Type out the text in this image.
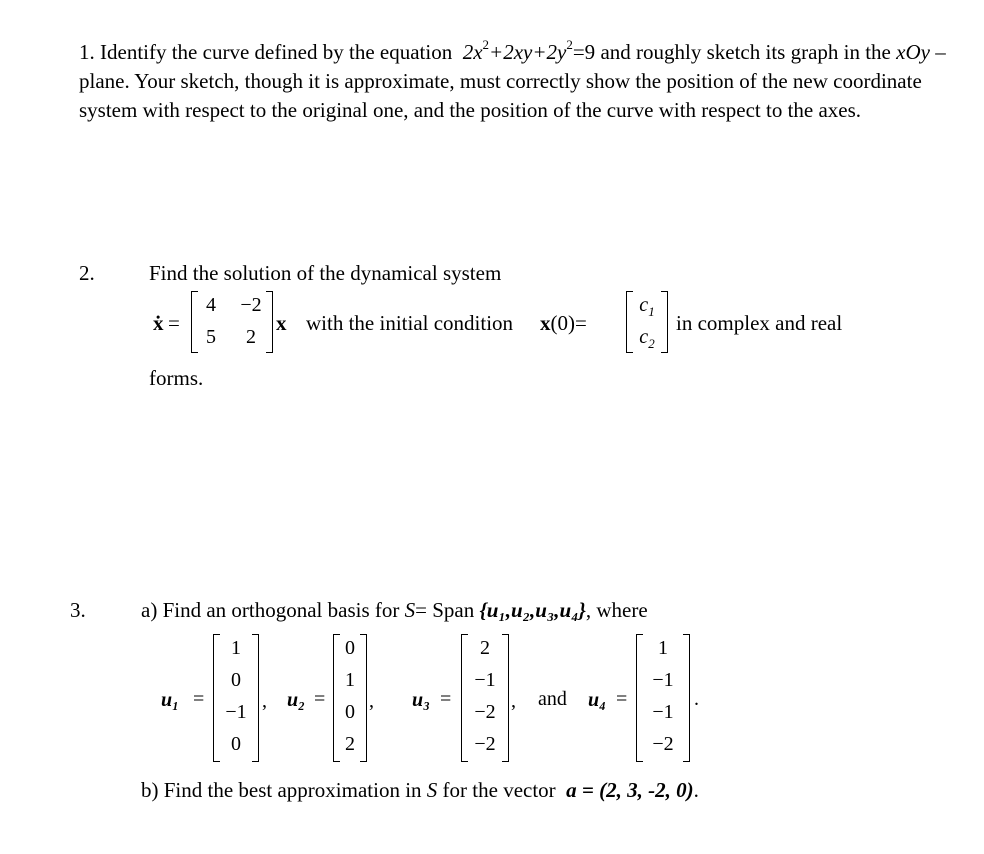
1. Identify the curve defined by the equation $2x^2+2xy+2y^2=9$ and roughly sketch its graph in the xOy – plane. Your sketch, though it is approximate, must correctly show the position of the new coordinate system with respect to the original one, and the position of the curve with respect to the axes.
2.	Find the solution of the dynamical system
ẋ =
4	−2
5	2
x with the initial condition x(0)=
$c_1$
$c_2$
in complex and real
forms.
3.	a) Find an orthogonal basis for S= Span {u₁,u₂,u₃,u₄}, where
u₁ =
1
0
−1
0
, u₂ =
0
1
0
2
, u₃ =
2
−1
−2
−2
, and u₄ =
1
−1
−1
−2
.
b) Find the best approximation in S for the vector a = (2, 3, -2, 0).
